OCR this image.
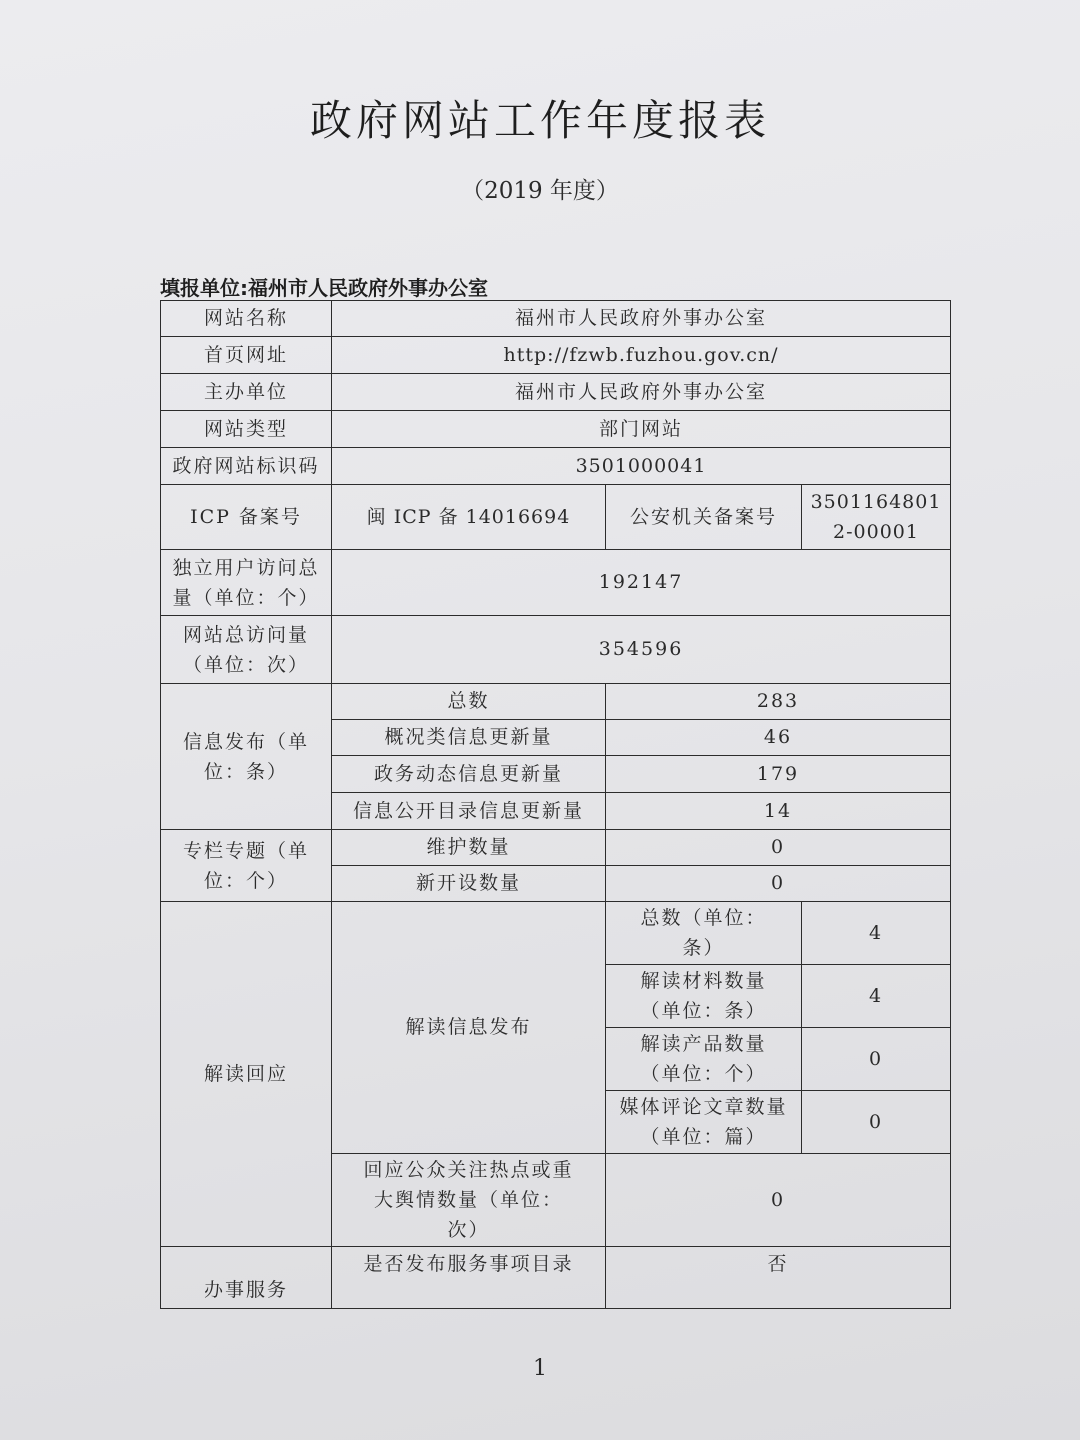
政府网站工作年度报表
（2019 年度）
填报单位:福州市人民政府外事办公室
网站名称	福州市人民政府外事办公室		
首页网址	http://fzwb.fuzhou.gov.cn/		
主办单位	福州市人民政府外事办公室		
网站类型	部门网站		
政府网站标识码	3501000041		
ICP 备案号	闽 ICP 备 14016694	公安机关备案号	35011648012-00001
独立用户访问总量（单位：个）	192147		
网站总访问量（单位：次）	354596		
信息发布（单位：条）	总数	283	
	概况类信息更新量	46	
	政务动态信息更新量	179	
	信息公开目录信息更新量	14	
专栏专题（单位：个）	维护数量	0	
	新开设数量	0	
解读回应	解读信息发布	总数（单位：条）	4
		解读材料数量（单位：条）	4
		解读产品数量（单位：个）	0
		媒体评论文章数量（单位：篇）	0
	回应公众关注热点或重大舆情数量（单位：次）	0	
办事服务	是否发布服务事项目录	否	
1
